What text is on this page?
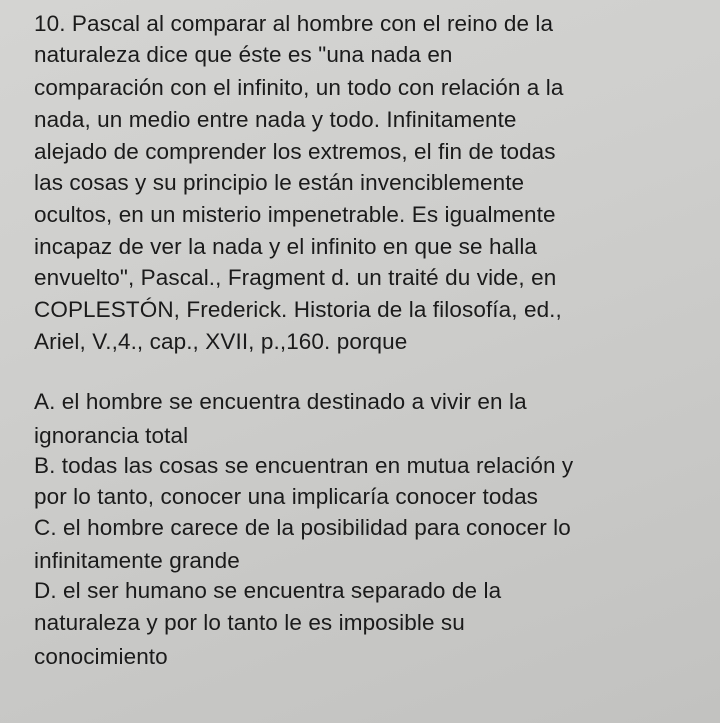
10. Pascal al comparar al hombre con el reino de la
naturaleza dice que éste es "una nada en
comparación con el infinito, un todo con relación a la
nada, un medio entre nada y todo. Infinitamente
alejado de comprender los extremos, el fin de todas
las cosas y su principio le están invenciblemente
ocultos, en un misterio impenetrable. Es igualmente
incapaz de ver la nada y el infinito en que se halla
envuelto", Pascal., Fragment d. un traité du vide, en
COPLESTÓN, Frederick. Historia de la filosofía, ed.,
Ariel, V.,4., cap., XVII, p.,160. porque
A. el hombre se encuentra destinado a vivir en la
ignorancia total
B. todas las cosas se encuentran en mutua relación y
por lo tanto, conocer una implicaría conocer todas
C. el hombre carece de la posibilidad para conocer lo
infinitamente grande
D. el ser humano se encuentra separado de la
naturaleza y por lo tanto le es imposible su
conocimiento
